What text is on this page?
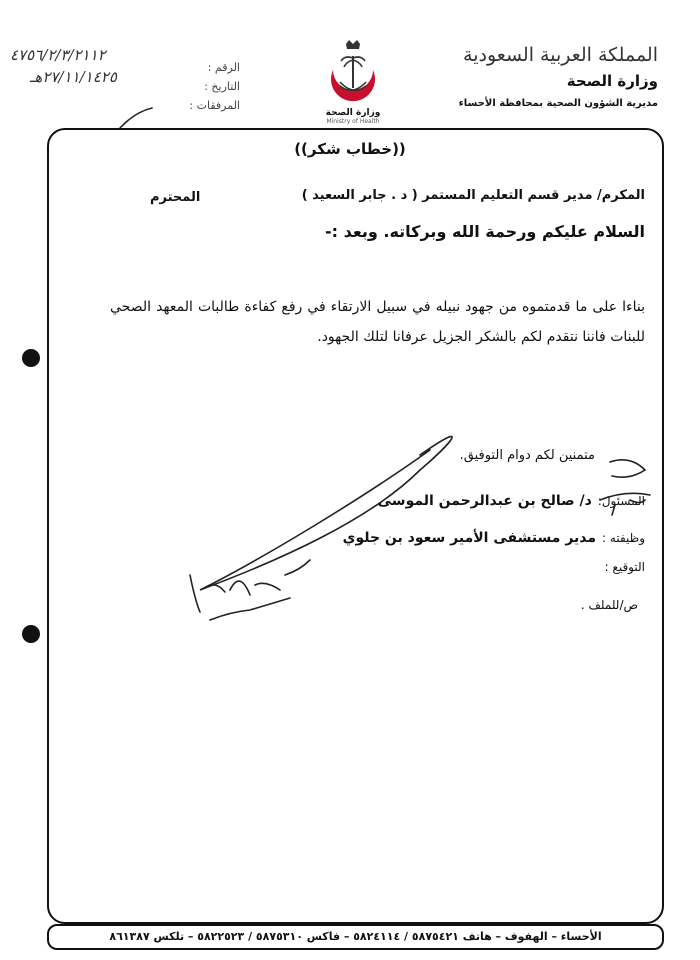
المملكة العربية السعودية
وزارة الصحة
مديرية الشؤون الصحية بمحافظة الأحساء
وزارة الصحة
Ministry of Health
الرقم :
التاريخ :
المرفقات :
٤٧٥٦/٢/٣/٢١١٢
٢٧/١١/١٤٢٥هـ
((خطاب شكر))
المكرم/ مدير قسم التعليم المستمر ( د . جابر السعيد )
المحترم
السلام عليكم ورحمة الله وبركاته. وبعد :-
بناءا على ما قدمتموه من جهود نبيله في سبيل الارتقاء في رفع كفاءة طالبات المعهد الصحي للبنات فاننا نتقدم لكم بالشكر الجزيل عرفانا لتلك الجهود.
متمنين لكم دوام التوفيق.
المسئول:
د/ صالح بن عبدالرحمن الموسى
وظيفته :
مدير مستشفى الأمير سعود بن جلوي
التوقيع :
ص/للملف .
الأحساء – الهفوف – هاتف ٥٨٧٥٤٢١ / ٥٨٢٤١١٤ – فاكس ٥٨٧٥٣١٠ / ٥٨٢٢٥٢٣ – تلكس ٨٦١٣٨٧
